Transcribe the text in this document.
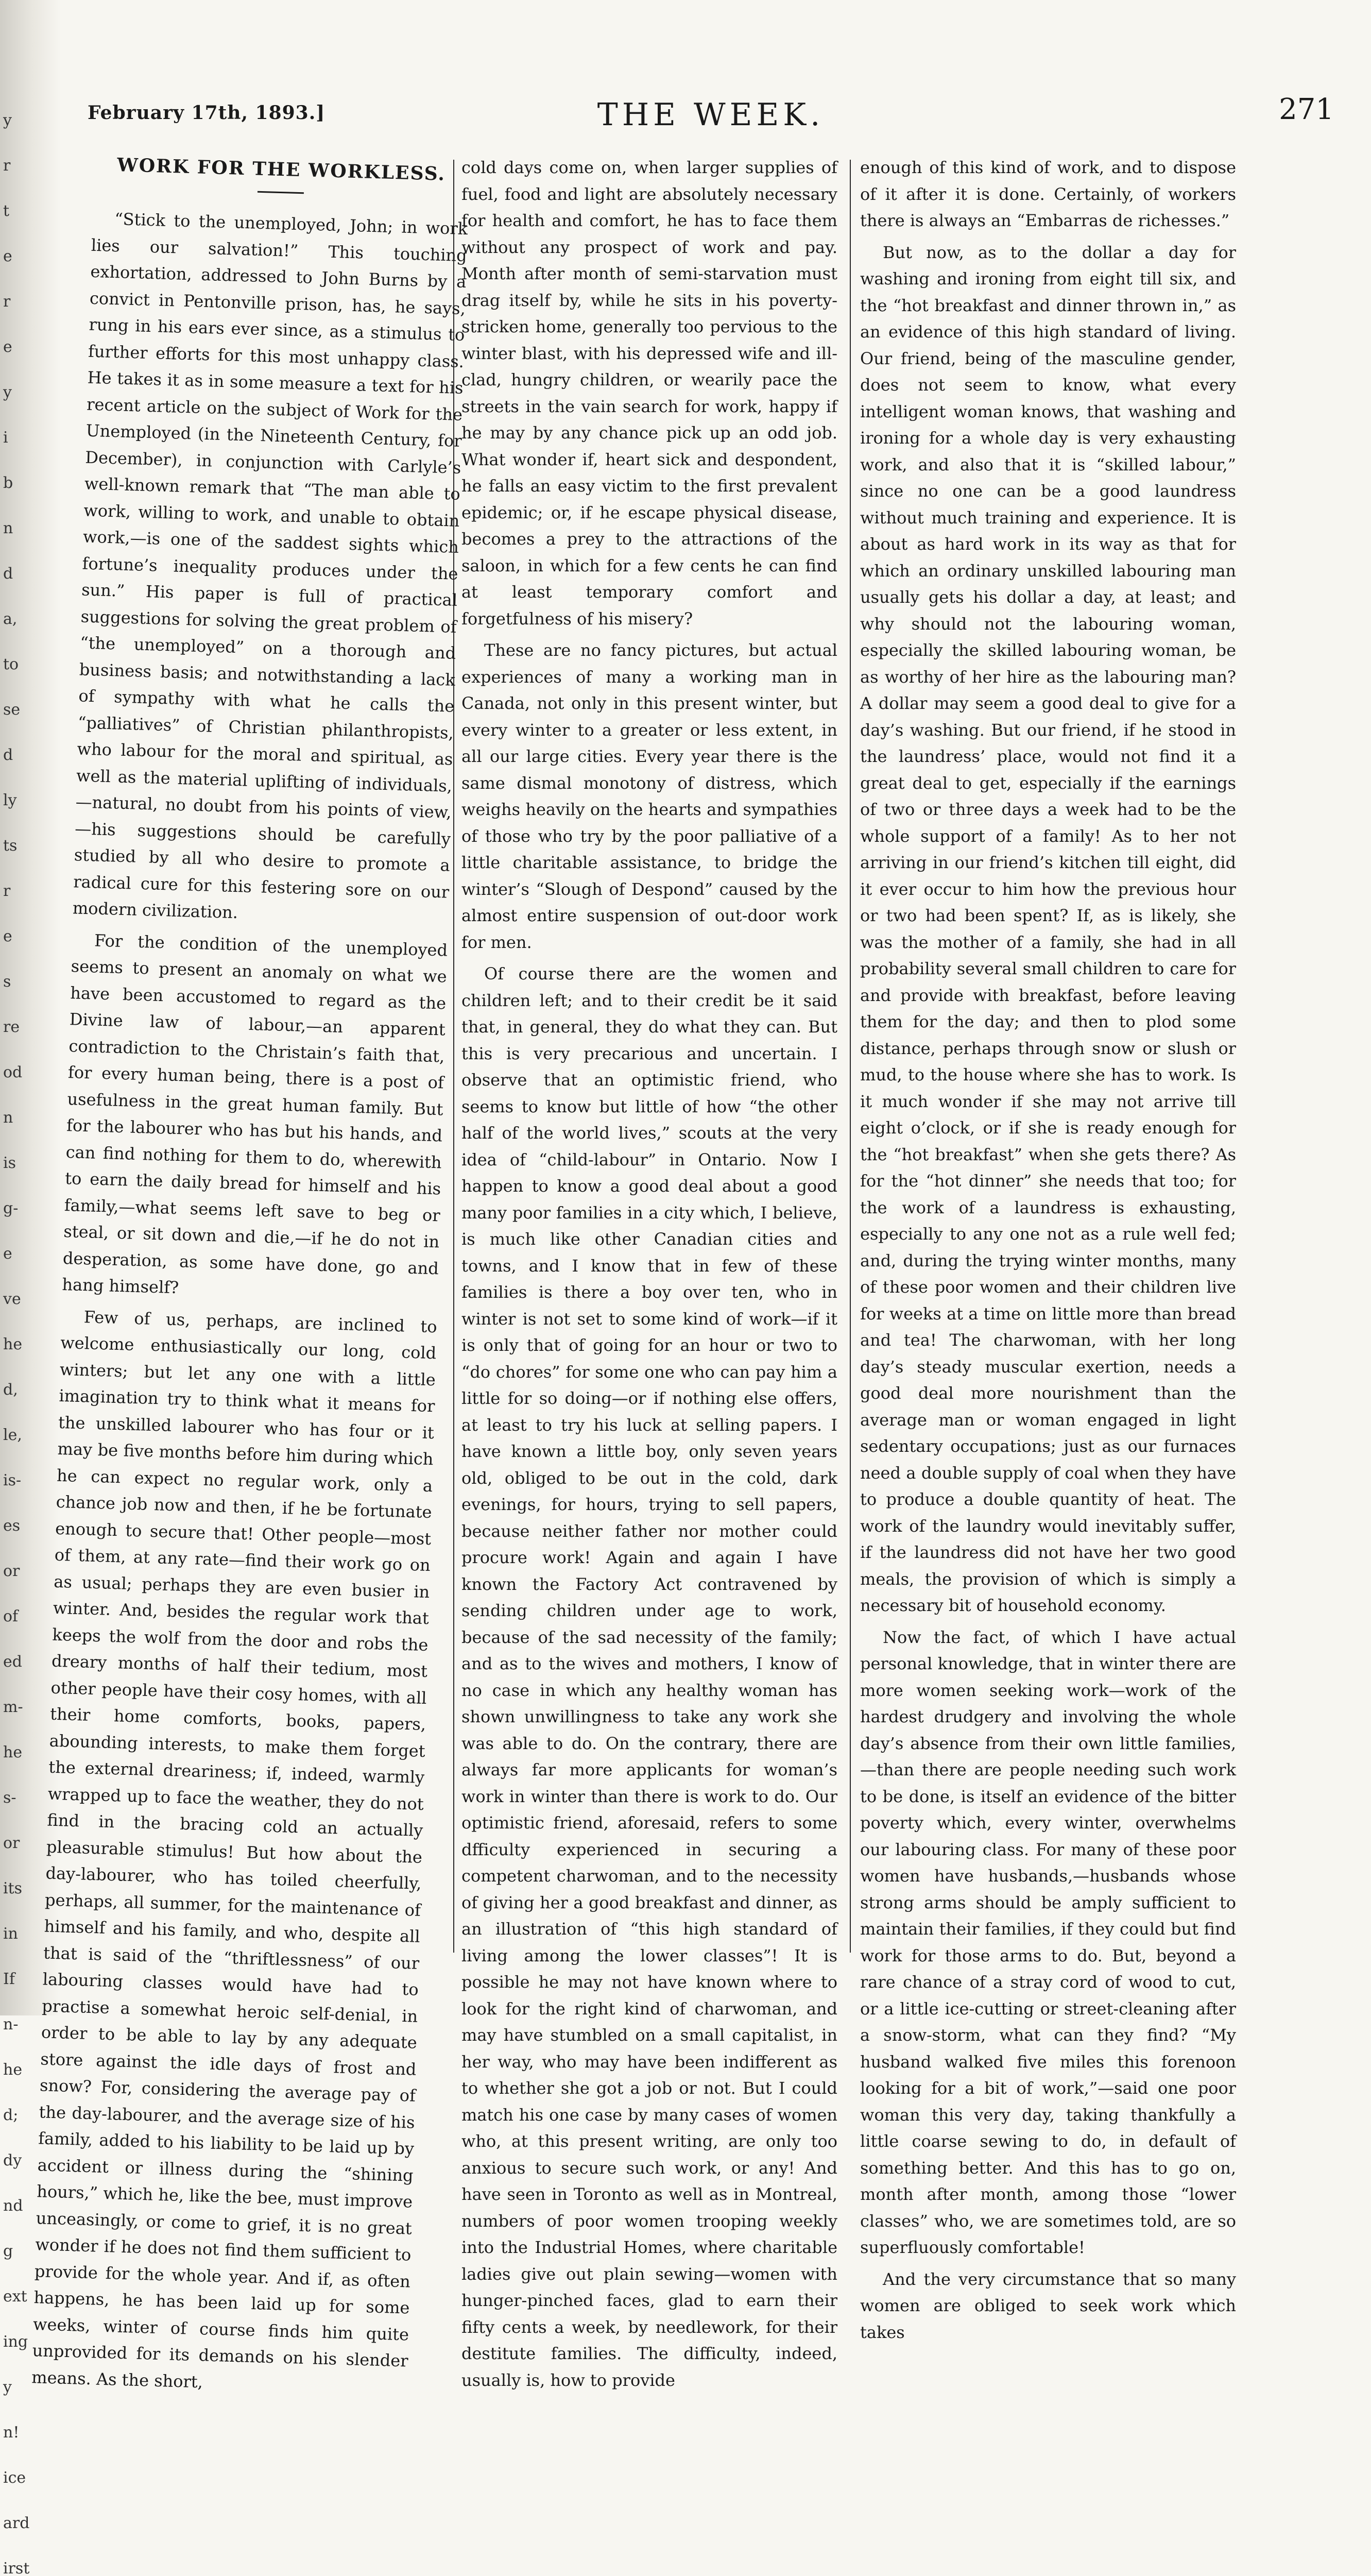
y
r
t
e
r
e
y
i
b
n
d
a,
to
se
d
ly
ts
r
e
s
re
od
n
is
g-
e
ve
he
d,
le,
is-
es
or
of
ed
m-
he
s-
or
its
in
If
n-
he
d;
dy
nd
g
ext
ing
y
n!
ice
ard
irst
February 17th, 1893.]	THE WEEK.	271
WORK FOR THE WORKLESS.

“Stick to the unemployed, John; in work lies our salvation!” This touching exhortation, addressed to John Burns by a convict in Pentonville prison, has, he says, rung in his ears ever since, as a stimulus to further efforts for this most unhappy class. He takes it as in some measure a text for his recent article on the subject of Work for the Unemployed (in the Nineteenth Century, for December), in conjunction with Carlyle’s well-known remark that “The man able to work, willing to work, and unable to obtain work,—is one of the saddest sights which fortune’s inequality produces under the sun.” His paper is full of practical suggestions for solving the great problem of “the unemployed” on a thorough and business basis; and notwithstanding a lack of sympathy with what he calls the “palliatives” of Christian philanthropists, who labour for the moral and spiritual, as well as the material uplifting of individuals,—natural, no doubt from his points of view,—his suggestions should be carefully studied by all who desire to promote a radical cure for this festering sore on our modern civilization.

For the condition of the unemployed seems to present an anomaly on what we have been accustomed to regard as the Divine law of labour,—an apparent contradiction to the Christain’s faith that, for every human being, there is a post of usefulness in the great human family. But for the labourer who has but his hands, and can find nothing for them to do, wherewith to earn the daily bread for himself and his family,—what seems left save to beg or steal, or sit down and die,—if he do not in desperation, as some have done, go and hang himself?

Few of us, perhaps, are inclined to welcome enthusiastically our long, cold winters; but let any one with a little imagination try to think what it means for the unskilled labourer who has four or it may be five months before him during which he can expect no regular work, only a chance job now and then, if he be fortunate enough to secure that! Other people—most of them, at any rate—find their work go on as usual; perhaps they are even busier in winter. And, besides the regular work that keeps the wolf from the door and robs the dreary months of half their tedium, most other people have their cosy homes, with all their home comforts, books, papers, abounding interests, to make them forget the external dreariness; if, indeed, warmly wrapped up to face the weather, they do not find in the bracing cold an actually pleasurable stimulus! But how about the day-labourer, who has toiled cheerfully, perhaps, all summer, for the maintenance of himself and his family, and who, despite all that is said of the “thriftlessness” of our labouring classes would have had to practise a somewhat heroic self-denial, in order to be able to lay by any adequate store against the idle days of frost and snow? For, considering the average pay of the day-labourer, and the average size of his family, added to his liability to be laid up by accident or illness during the “shining hours,” which he, like the bee, must improve unceasingly, or come to grief, it is no great wonder if he does not find them sufficient to provide for the whole year. And if, as often happens, he has been laid up for some weeks, winter of course finds him quite unprovided for its demands on his slender means. As the short,

cold days come on, when larger supplies of fuel, food and light are absolutely necessary for health and comfort, he has to face them without any prospect of work and pay. Month after month of semi-starvation must drag itself by, while he sits in his poverty-stricken home, generally too pervious to the winter blast, with his depressed wife and ill-clad, hungry children, or wearily pace the streets in the vain search for work, happy if he may by any chance pick up an odd job. What wonder if, heart sick and despondent, he falls an easy victim to the first prevalent epidemic; or, if he escape physical disease, becomes a prey to the attractions of the saloon, in which for a few cents he can find at least temporary comfort and forgetfulness of his misery?

These are no fancy pictures, but actual experiences of many a working man in Canada, not only in this present winter, but every winter to a greater or less extent, in all our large cities. Every year there is the same dismal monotony of distress, which weighs heavily on the hearts and sympathies of those who try by the poor palliative of a little charitable assistance, to bridge the winter’s “Slough of Despond” caused by the almost entire suspension of out-door work for men.

Of course there are the women and children left; and to their credit be it said that, in general, they do what they can. But this is very precarious and uncertain. I observe that an optimistic friend, who seems to know but little of how “the other half of the world lives,” scouts at the very idea of “child-labour” in Ontario. Now I happen to know a good deal about a good many poor families in a city which, I believe, is much like other Canadian cities and towns, and I know that in few of these families is there a boy over ten, who in winter is not set to some kind of work—if it is only that of going for an hour or two to “do chores” for some one who can pay him a little for so doing—or if nothing else offers, at least to try his luck at selling papers. I have known a little boy, only seven years old, obliged to be out in the cold, dark evenings, for hours, trying to sell papers, because neither father nor mother could procure work! Again and again I have known the Factory Act contravened by sending children under age to work, because of the sad necessity of the family; and as to the wives and mothers, I know of no case in which any healthy woman has shown unwillingness to take any work she was able to do. On the contrary, there are always far more applicants for woman’s work in winter than there is work to do. Our optimistic friend, aforesaid, refers to some dfficulty experienced in securing a competent charwoman, and to the necessity of giving her a good breakfast and dinner, as an illustration of “this high standard of living among the lower classes”! It is possible he may not have known where to look for the right kind of charwoman, and may have stumbled on a small capitalist, in her way, who may have been indifferent as to whether she got a job or not. But I could match his one case by many cases of women who, at this present writing, are only too anxious to secure such work, or any! And have seen in Toronto as well as in Montreal, numbers of poor women trooping weekly into the Industrial Homes, where charitable ladies give out plain sewing—women with hunger-pinched faces, glad to earn their fifty cents a week, by needlework, for their destitute families. The difficulty, indeed, usually is, how to provide

enough of this kind of work, and to dispose of it after it is done. Certainly, of workers there is always an “Embarras de richesses.”

But now, as to the dollar a day for washing and ironing from eight till six, and the “hot breakfast and dinner thrown in,” as an evidence of this high standard of living. Our friend, being of the masculine gender, does not seem to know, what every intelligent woman knows, that washing and ironing for a whole day is very exhausting work, and also that it is “skilled labour,” since no one can be a good laundress without much training and experience. It is about as hard work in its way as that for which an ordinary unskilled labouring man usually gets his dollar a day, at least; and why should not the labouring woman, especially the skilled labouring woman, be as worthy of her hire as the labouring man? A dollar may seem a good deal to give for a day’s washing. But our friend, if he stood in the laundress’ place, would not find it a great deal to get, especially if the earnings of two or three days a week had to be the whole support of a family! As to her not arriving in our friend’s kitchen till eight, did it ever occur to him how the previous hour or two had been spent? If, as is likely, she was the mother of a family, she had in all probability several small children to care for and provide with breakfast, before leaving them for the day; and then to plod some distance, perhaps through snow or slush or mud, to the house where she has to work. Is it much wonder if she may not arrive till eight o’clock, or if she is ready enough for the “hot breakfast” when she gets there? As for the “hot dinner” she needs that too; for the work of a laundress is exhausting, especially to any one not as a rule well fed; and, during the trying winter months, many of these poor women and their children live for weeks at a time on little more than bread and tea! The charwoman, with her long day’s steady muscular exertion, needs a good deal more nourishment than the average man or woman engaged in light sedentary occupations; just as our furnaces need a double supply of coal when they have to produce a double quantity of heat. The work of the laundry would inevitably suffer, if the laundress did not have her two good meals, the provision of which is simply a necessary bit of household economy.

Now the fact, of which I have actual personal knowledge, that in winter there are more women seeking work—work of the hardest drudgery and involving the whole day’s absence from their own little families, —than there are people needing such work to be done, is itself an evidence of the bitter poverty which, every winter, overwhelms our labouring class. For many of these poor women have husbands,—husbands whose strong arms should be amply sufficient to maintain their families, if they could but find work for those arms to do. But, beyond a rare chance of a stray cord of wood to cut, or a little ice-cutting or street-cleaning after a snow-storm, what can they find? “My husband walked five miles this forenoon looking for a bit of work,”—said one poor woman this very day, taking thankfully a little coarse sewing to do, in default of something better. And this has to go on, month after month, among those “lower classes” who, we are sometimes told, are so superfluously comfortable!

And the very circumstance that so many women are obliged to seek work which takes
